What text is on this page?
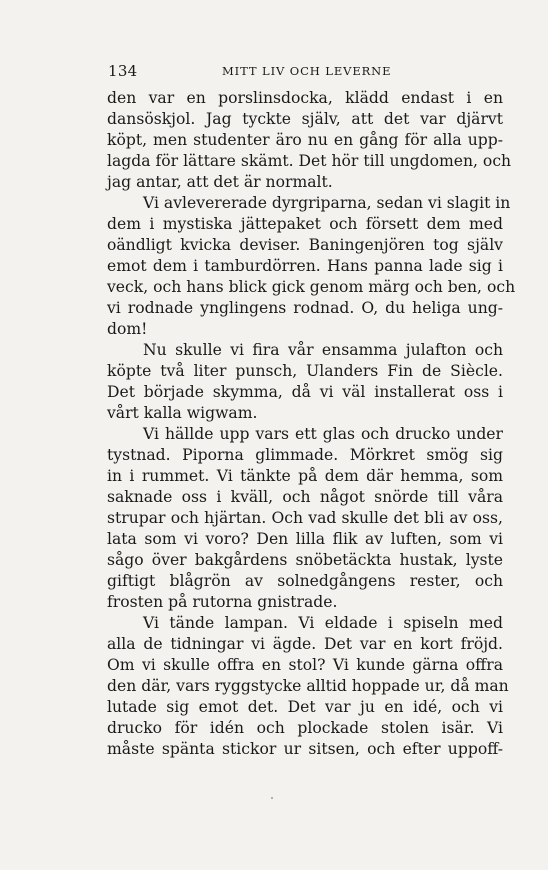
134	MITT LIV OCH LEVERNE
den var en porslinsdocka, klädd endast i en
dansöskjol. Jag tyckte själv, att det var djärvt
köpt, men studenter äro nu en gång för alla upp-
lagda för lättare skämt. Det hör till ungdomen, och
jag antar, att det är normalt.
Vi avlevererade dyrgriparna, sedan vi slagit in
dem i mystiska jättepaket och försett dem med
oändligt kvicka deviser. Baningenjören tog själv
emot dem i tamburdörren. Hans panna lade sig i
veck, och hans blick gick genom märg och ben, och
vi rodnade ynglingens rodnad. O, du heliga ung-
dom!
Nu skulle vi fira vår ensamma julafton och
köpte två liter punsch, Ulanders Fin de Siècle.
Det började skymma, då vi väl installerat oss i
vårt kalla wigwam.
Vi hällde upp vars ett glas och drucko under
tystnad. Piporna glimmade. Mörkret smög sig
in i rummet. Vi tänkte på dem där hemma, som
saknade oss i kväll, och något snörde till våra
strupar och hjärtan. Och vad skulle det bli av oss,
lata som vi voro? Den lilla flik av luften, som vi
sågo över bakgårdens snöbetäckta hustak, lyste
giftigt blågrön av solnedgångens rester, och
frosten på rutorna gnistrade.
Vi tände lampan. Vi eldade i spiseln med
alla de tidningar vi ägde. Det var en kort fröjd.
Om vi skulle offra en stol? Vi kunde gärna offra
den där, vars ryggstycke alltid hoppade ur, då man
lutade sig emot det. Det var ju en idé, och vi
drucko för idén och plockade stolen isär. Vi
måste spänta stickor ur sitsen, och efter uppoff-
